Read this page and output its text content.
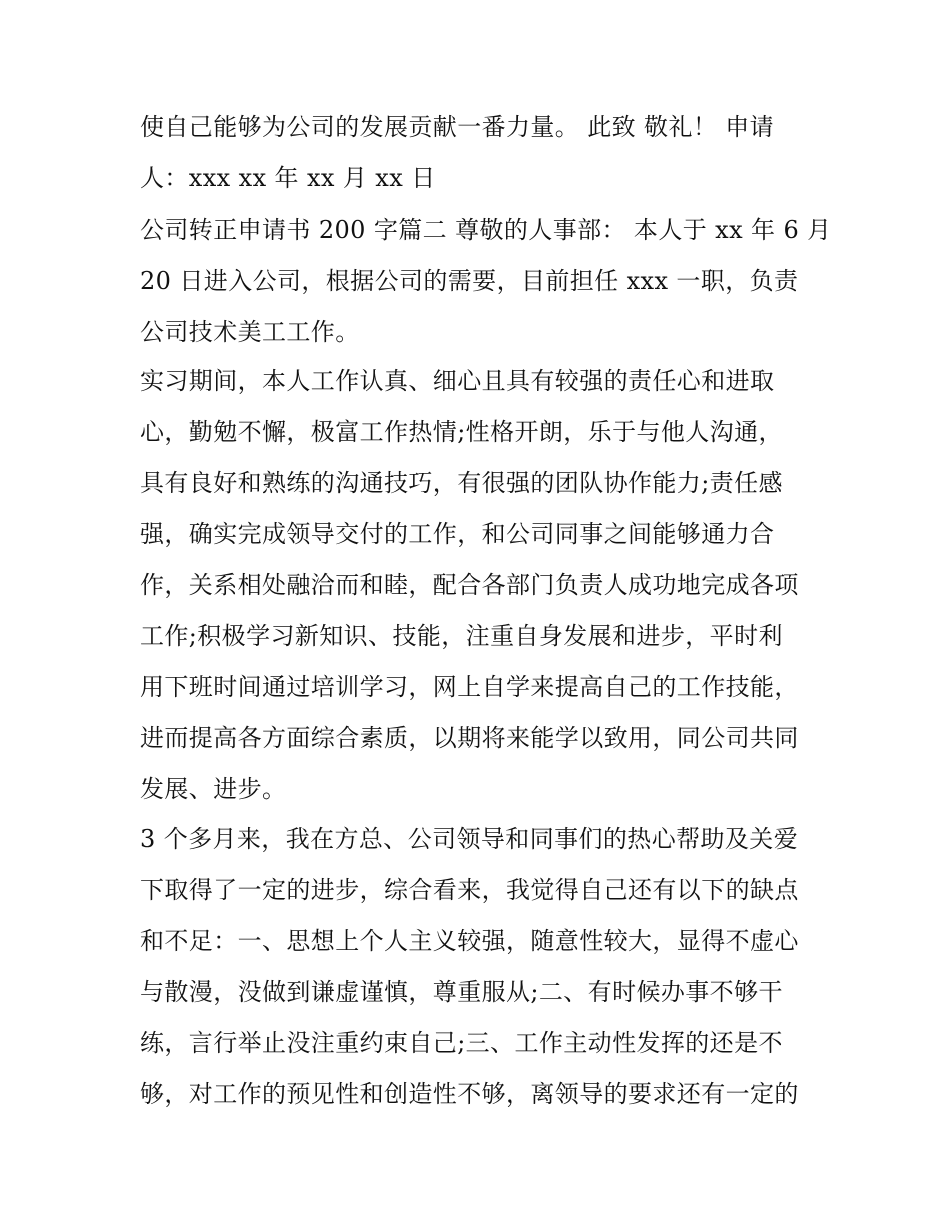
使自己能够为公司的发展贡献一番力量。 此致 敬礼！ 申请
人：xxx xx 年 xx 月 xx 日
公司转正申请书 200 字篇二 尊敬的人事部： 本人于 xx 年 6 月
20 日进入公司，根据公司的需要，目前担任 xxx 一职，负责
公司技术美工工作。
实习期间，本人工作认真、细心且具有较强的责任心和进取
心，勤勉不懈，极富工作热情;性格开朗，乐于与他人沟通，
具有良好和熟练的沟通技巧，有很强的团队协作能力;责任感
强，确实完成领导交付的工作，和公司同事之间能够通力合
作，关系相处融洽而和睦，配合各部门负责人成功地完成各项
工作;积极学习新知识、技能，注重自身发展和进步，平时利
用下班时间通过培训学习，网上自学来提高自己的工作技能，
进而提高各方面综合素质，以期将来能学以致用，同公司共同
发展、进步。
3 个多月来，我在方总、公司领导和同事们的热心帮助及关爱
下取得了一定的进步，综合看来，我觉得自己还有以下的缺点
和不足：一、思想上个人主义较强，随意性较大，显得不虚心
与散漫，没做到谦虚谨慎，尊重服从;二、有时候办事不够干
练，言行举止没注重约束自己;三、工作主动性发挥的还是不
够，对工作的预见性和创造性不够，离领导的要求还有一定的
